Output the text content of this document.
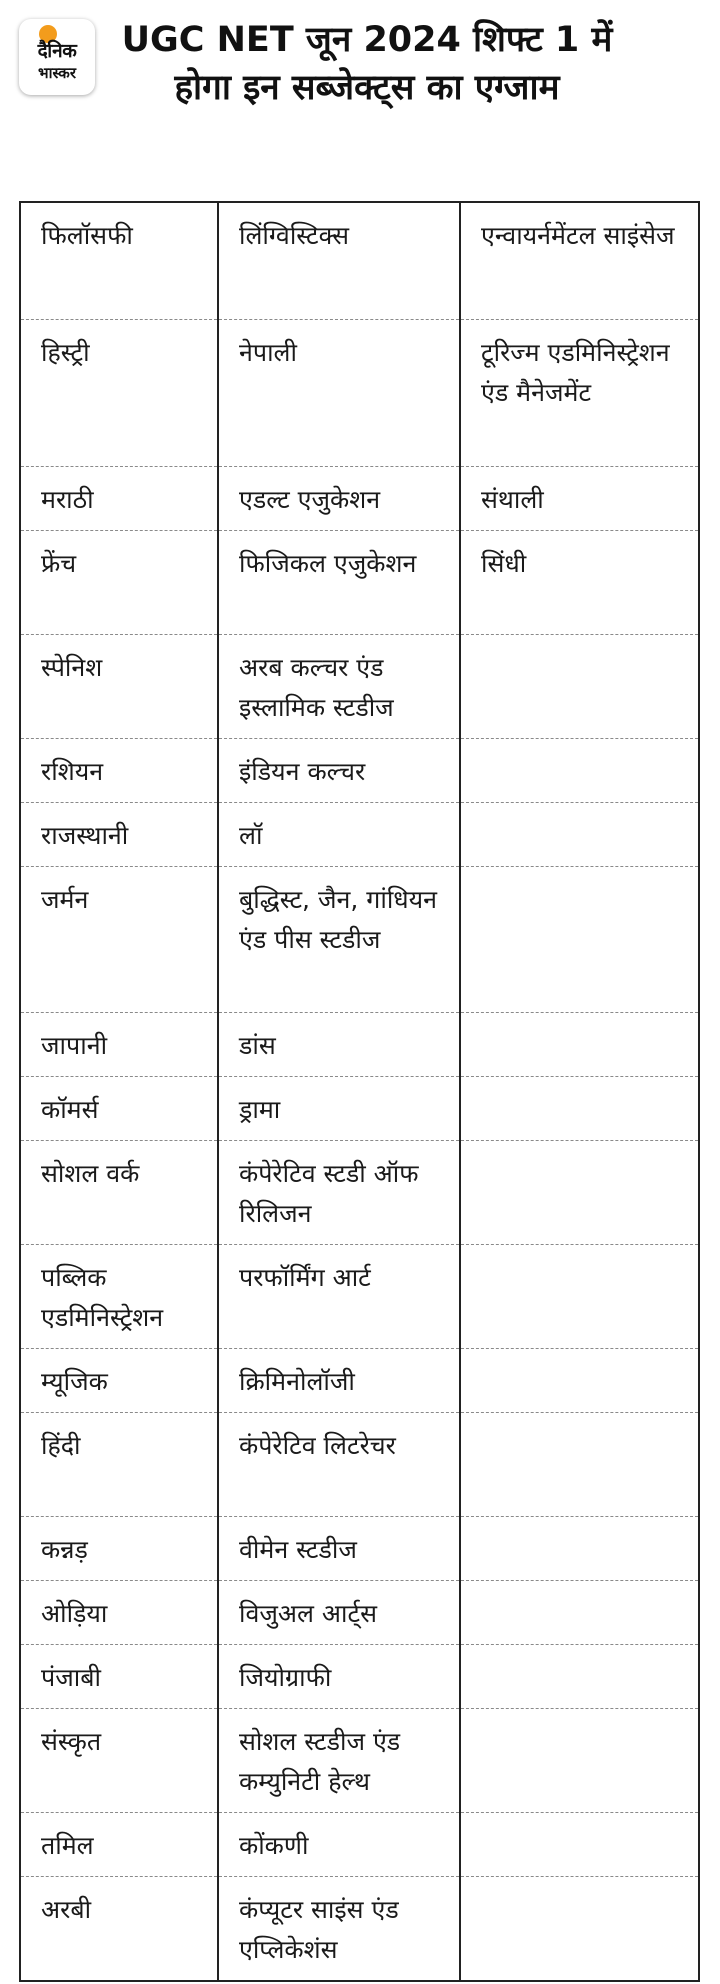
दैनिक
भास्कर
UGC NET जून 2024 शिफ्ट 1 में होगा इन सब्जेक्ट्स का एग्जाम
फिलॉसफी	लिंग्विस्टिक्स	एन्वायर्नमेंटल साइंसेज
हिस्ट्री	नेपाली	टूरिज्म एडमिनिस्ट्रेशन एंड मैनेजमेंट
मराठी	एडल्ट एजुकेशन	संथाली
फ्रेंच	फिजिकल एजुकेशन	सिंधी
स्पेनिश	अरब कल्चर एंड इस्लामिक स्टडीज	
रशियन	इंडियन कल्चर	
राजस्थानी	लॉ	
जर्मन	बुद्धिस्ट, जैन, गांधियन एंड पीस स्टडीज	
जापानी	डांस	
कॉमर्स	ड्रामा	
सोशल वर्क	कंपेरेटिव स्टडी ऑफ रिलिजन	
पब्लिक एडमिनिस्ट्रेशन	परफॉर्मिंग आर्ट	
म्यूजिक	क्रिमिनोलॉजी	
हिंदी	कंपेरेटिव लिटरेचर	
कन्नड़	वीमेन स्टडीज	
ओड़िया	विजुअल आर्ट्स	
पंजाबी	जियोग्राफी	
संस्कृत	सोशल स्टडीज एंड कम्युनिटी हेल्थ	
तमिल	कोंकणी	
अरबी	कंप्यूटर साइंस एंड एप्लिकेशंस	
